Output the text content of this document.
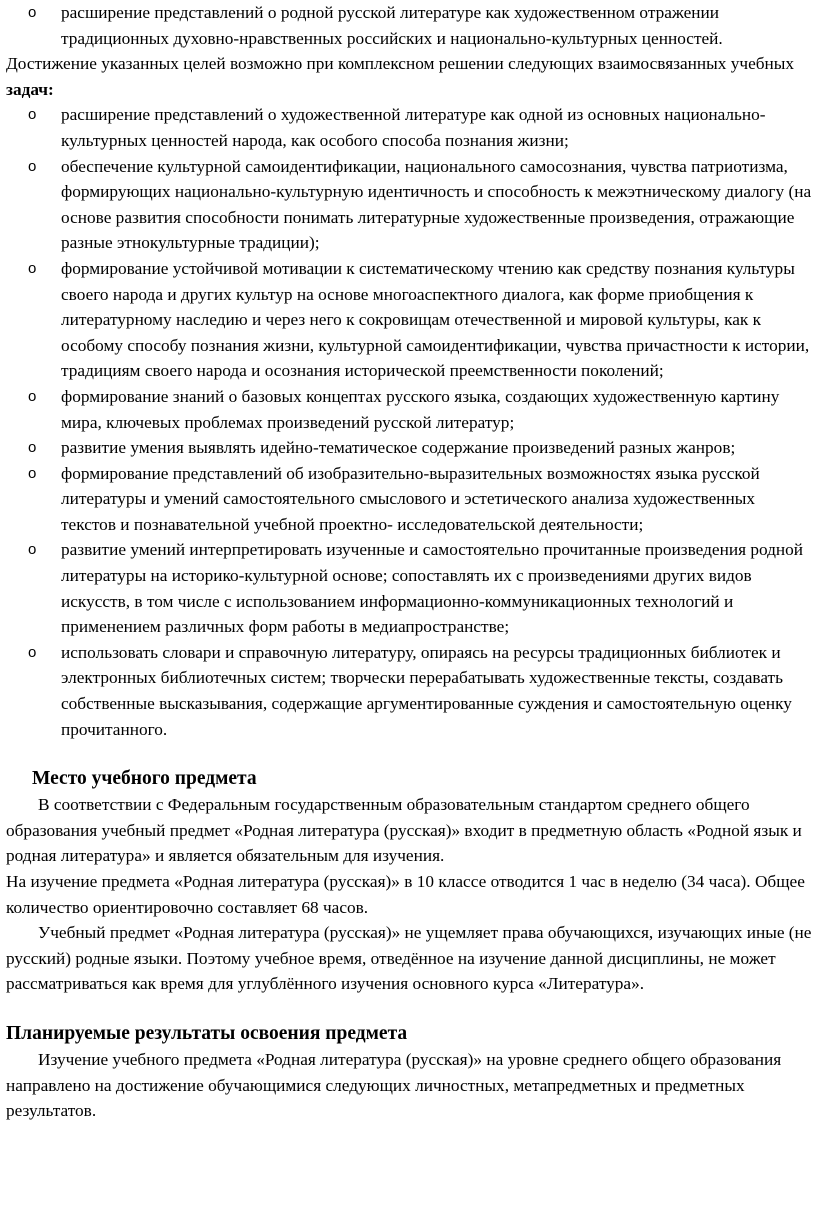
o расширение представлений о родной русской литературе как художественном отражении традиционных духовно-нравственных российских и национально-культурных ценностей.

Достижение указанных целей возможно при комплексном решении следующих взаимосвязанных учебных задач:

o расширение представлений о художественной литературе как одной из основных национально-культурных ценностей народа, как особого способа познания жизни;
o обеспечение культурной самоидентификации, национального самосознания, чувства патриотизма, формирующих национально-культурную идентичность и способность к межэтническому диалогу (на основе развития способности понимать литературные художественные произведения, отражающие разные этнокультурные традиции);
o формирование устойчивой мотивации к систематическому чтению как средству познания культуры своего народа и других культур на основе многоаспектного диалога, как форме приобщения к литературному наследию и через него к сокровищам отечественной и мировой культуры, как к особому способу познания жизни, культурной самоидентификации, чувства причастности к истории, традициям своего народа и осознания исторической преемственности поколений;
o формирование знаний о базовых концептах русского языка, создающих художественную картину мира, ключевых проблемах произведений русской литератур;
o развитие умения выявлять идейно-тематическое содержание произведений разных жанров;
o формирование представлений об изобразительно-выразительных возможностях языка русской литературы и умений самостоятельного смыслового и эстетического анализа художественных текстов и познавательной учебной проектно- исследовательской деятельности;
o развитие умений интерпретировать изученные и самостоятельно прочитанные произведения родной литературы на историко-культурной основе; сопоставлять их с произведениями других видов искусств, в том числе с использованием информационно-коммуникационных технологий и применением различных форм работы в медиапространстве;
o использовать словари и справочную литературу, опираясь на ресурсы традиционных библиотек и электронных библиотечных систем; творчески перерабатывать художественные тексты, создавать собственные высказывания, содержащие аргументированные суждения и самостоятельную оценку прочитанного.
Место учебного предмета

В соответствии с Федеральным государственным образовательным стандартом среднего общего образования учебный предмет «Родная литература (русская)» входит в предметную область «Родной язык и родная литература» и является обязательным для изучения.

На изучение предмета «Родная литература (русская)» в 10 классе отводится 1 час в неделю (34 часа). Общее количество ориентировочно составляет 68 часов.

Учебный предмет «Родная литература (русская)» не ущемляет права обучающихся, изучающих иные (не русский) родные языки. Поэтому учебное время, отведённое на изучение данной дисциплины, не может рассматриваться как время для углублённого изучения основного курса «Литература».

Планируемые результаты освоения предмета

Изучение учебного предмета «Родная литература (русская)» на уровне среднего общего образования направлено на достижение обучающимися следующих личностных, метапредметных и предметных результатов.
